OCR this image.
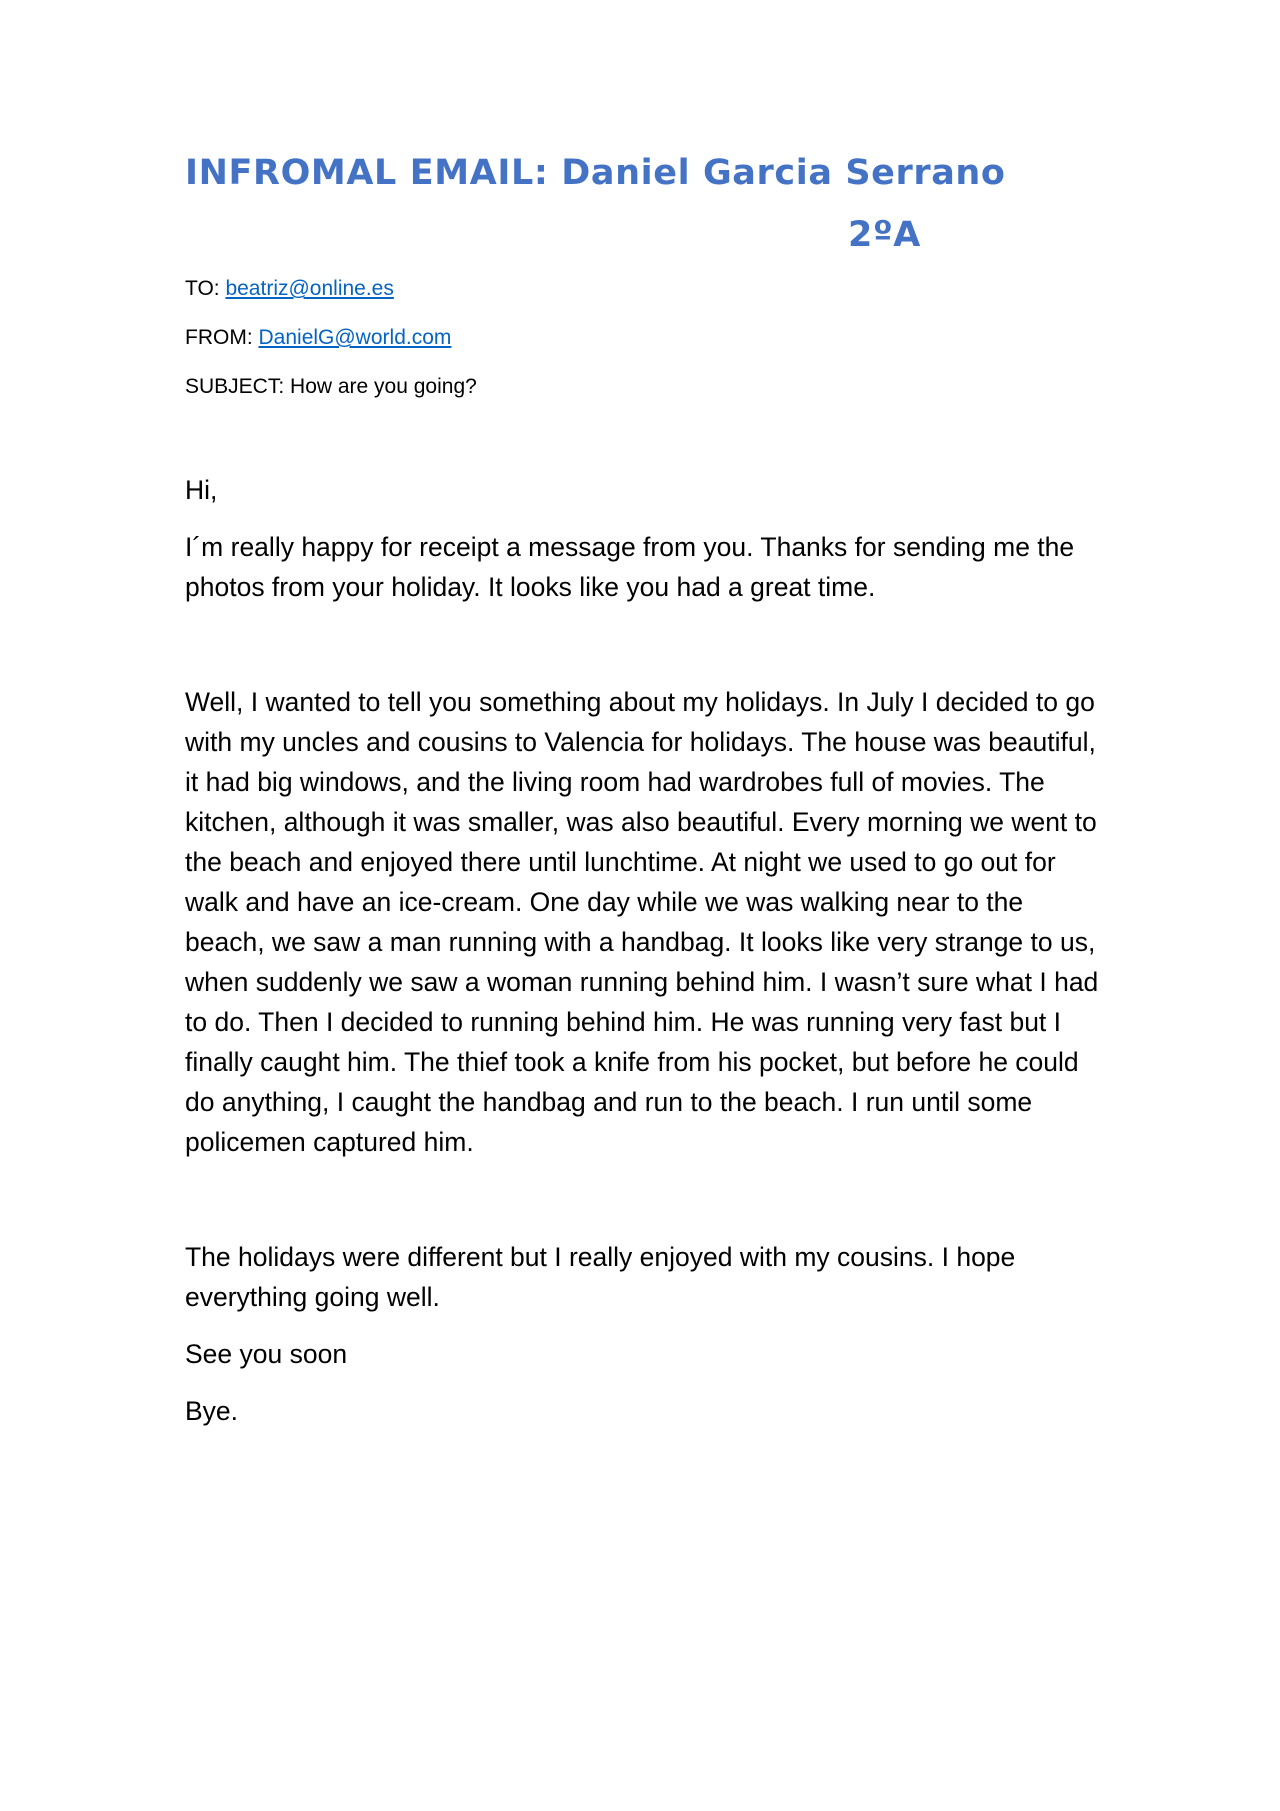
INFROMAL EMAIL: Daniel Garcia Serrano
2ºA

TO: beatriz@online.es

FROM: DanielG@world.com

SUBJECT: How are you going?

Hi,

I´m really happy for receipt a message from you. Thanks for sending me the photos from your holiday. It looks like you had a great time.

Well, I wanted to tell you something about my holidays. In July I decided to go with my uncles and cousins to Valencia for holidays. The house was beautiful, it had big windows, and the living room had wardrobes full of movies. The kitchen, although it was smaller, was also beautiful. Every morning we went to the beach and enjoyed there until lunchtime. At night we used to go out for walk and have an ice-cream. One day while we was walking near to the beach, we saw a man running with a handbag. It looks like very strange to us, when suddenly we saw a woman running behind him. I wasn’t sure what I had to do. Then I decided to running behind him. He was running very fast but I finally caught him. The thief took a knife from his pocket, but before he could do anything, I caught the handbag and run to the beach. I run until some policemen captured him.

The holidays were different but I really enjoyed with my cousins. I hope everything going well.

See you soon

Bye.
